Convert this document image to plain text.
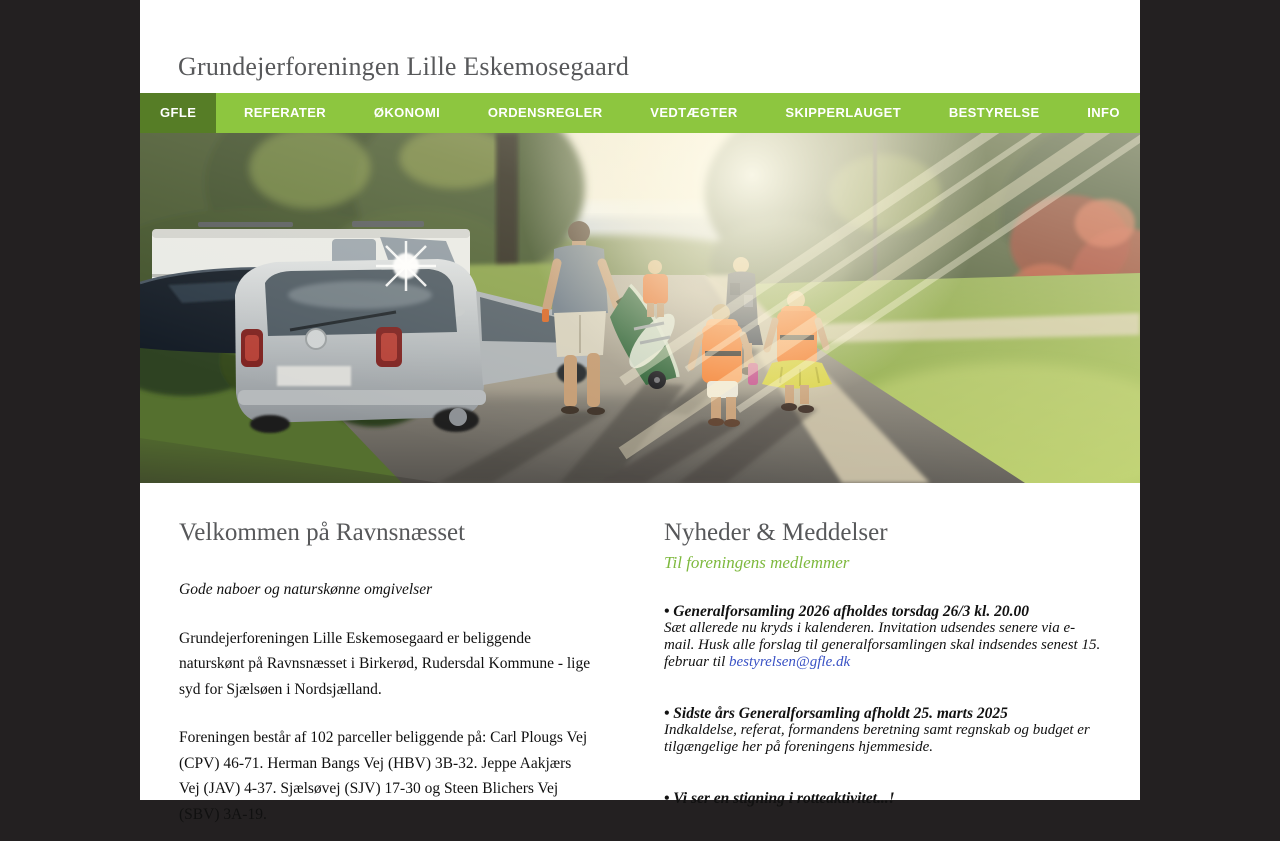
Grundejerforeningen Lille Eskemosegaard
GFLE	REFERATER	ØKONOMI	ORDENSREGLER	VEDTÆGTER	SKIPPERLAUGET	BESTYRELSE	INFO
Velkommen på Ravnsnæsset

Gode naboer og naturskønne omgivelser

Grundejerforeningen Lille Eskemosegaard er beliggende naturskønt på Ravnsnæsset i Birkerød, Rudersdal Kommune - lige syd for Sjælsøen i Nordsjælland.

Foreningen består af 102 parceller beliggende på: Carl Plougs Vej (CPV) 46-71. Herman Bangs Vej (HBV) 3B-32. Jeppe Aakjærs Vej (JAV) 4-37. Sjælsøvej (SJV) 17-30 og Steen Blichers Vej (SBV) 3A-19.

Nyheder & Meddelser

Til foreningens medlemmer

• Generalforsamling 2026 afholdes torsdag 26/3 kl. 20.00
Sæt allerede nu kryds i kalenderen. Invitation udsendes senere via e-mail. Husk alle forslag til generalforsamlingen skal indsendes senest 15. februar til bestyrelsen@gfle.dk
• Sidste års Generalforsamling afholdt 25. marts 2025
Indkaldelse, referat, formandens beretning samt regnskab og budget er tilgængelige her på foreningens hjemmeside.
• Vi ser en stigning i rotteaktivitet...!
